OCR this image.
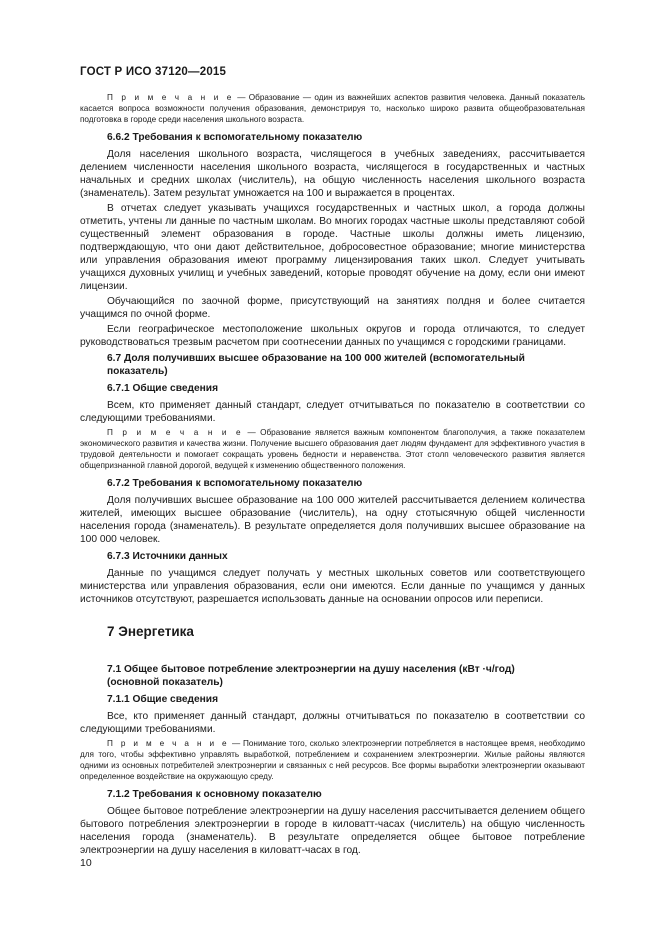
ГОСТ Р ИСО 37120—2015

П р и м е ч а н и е — Образование — один из важнейших аспектов развития человека. Данный показатель касается вопроса возможности получения образования, демонстрируя то, насколько широко развита общеобразовательная подготовка в городе среди населения школьного возраста.

6.6.2 Требования к вспомогательному показателю

Доля населения школьного возраста, числящегося в учебных заведениях, рассчитывается делением численности населения школьного возраста, числящегося в государственных и частных начальных и средних школах (числитель), на общую численность населения школьного возраста (знаменатель). Затем результат умножается на 100 и выражается в процентах.

В отчетах следует указывать учащихся государственных и частных школ, а города должны отметить, учтены ли данные по частным школам. Во многих городах частные школы представляют собой существенный элемент образования в городе. Частные школы должны иметь лицензию, подтверждающую, что они дают действительное, добросовестное образование; многие министерства или управления образования имеют программу лицензирования таких школ. Следует учитывать учащихся духовных училищ и учебных заведений, которые проводят обучение на дому, если они имеют лицензии.

Обучающийся по заочной форме, присутствующий на занятиях полдня и более считается учащимся по очной форме.

Если географическое местоположение школьных округов и города отличаются, то следует руководствоваться трезвым расчетом при соотнесении данных по учащимся с городскими границами.

6.7 Доля получивших высшее образование на 100 000 жителей (вспомогательный показатель)
6.7.1 Общие сведения

Всем, кто применяет данный стандарт, следует отчитываться по показателю в соответствии со следующими требованиями.

П р и м е ч а н и е — Образование является важным компонентом благополучия, а также показателем экономического развития и качества жизни. Получение высшего образования дает людям фундамент для эффективного участия в трудовой деятельности и помогает сокращать уровень бедности и неравенства. Этот столп человеческого развития является общепризнанной главной дорогой, ведущей к изменению общественного положения.

6.7.2 Требования к вспомогательному показателю

Доля получивших высшее образование на 100 000 жителей рассчитывается делением количества жителей, имеющих высшее образование (числитель), на одну стотысячную общей численности населения города (знаменатель). В результате определяется доля получивших высшее образование на 100 000 человек.

6.7.3 Источники данных

Данные по учащимся следует получать у местных школьных советов или соответствующего министерства или управления образования, если они имеются. Если данные по учащимся у данных источников отсутствуют, разрешается использовать данные на основании опросов или переписи.

7 Энергетика
7.1 Общее бытовое потребление электроэнергии на душу населения (кВт ·ч/год) (основной показатель)
7.1.1 Общие сведения

Все, кто применяет данный стандарт, должны отчитываться по показателю в соответствии со следующими требованиями.

П р и м е ч а н и е — Понимание того, сколько электроэнергии потребляется в настоящее время, необходимо для того, чтобы эффективно управлять выработкой, потреблением и сохранением электроэнергии. Жилые районы являются одними из основных потребителей электроэнергии и связанных с ней ресурсов. Все формы выработки электроэнергии оказывают определенное воздействие на окружающую среду.

7.1.2 Требования к основному показателю

Общее бытовое потребление электроэнергии на душу населения рассчитывается делением общего бытового потребления электроэнергии в городе в киловатт-часах (числитель) на общую численность населения города (знаменатель). В результате определяется общее бытовое потребление электроэнергии на душу населения в киловатт-часах в год.

10
